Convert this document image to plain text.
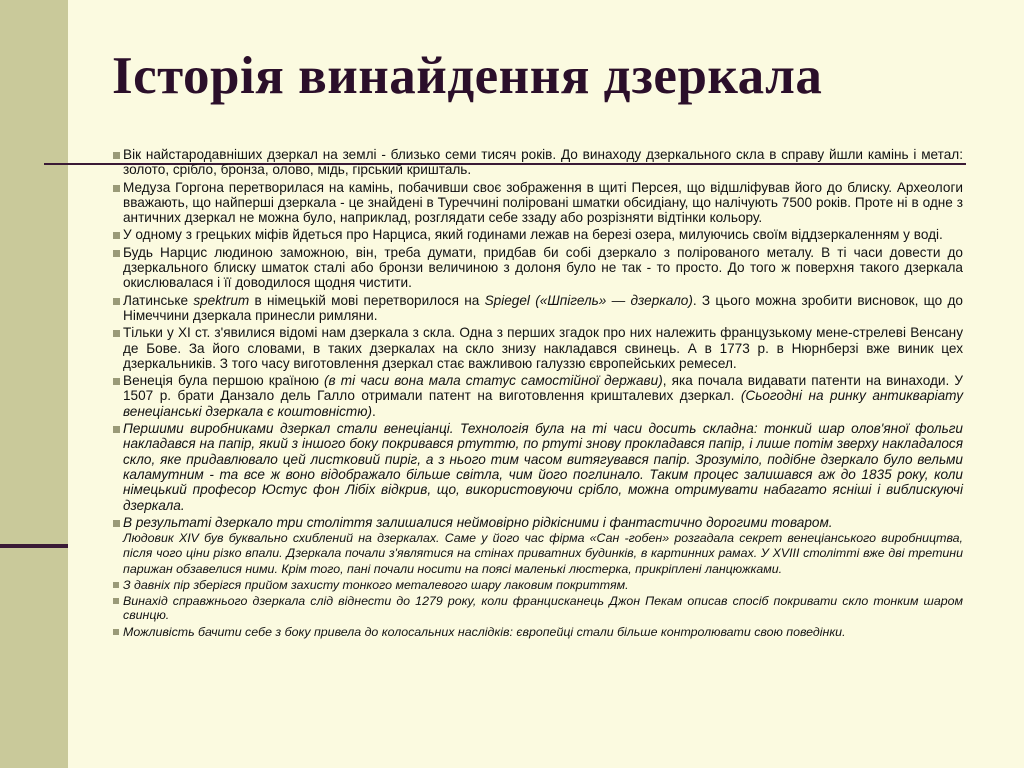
Історія винайдення дзеркала
Вік найстародавніших дзеркал на землі - близько семи тисяч років. До винаходу дзеркального скла в справу йшли камінь і метал: золото, срібло, бронза, олово, мідь, гірський кришталь.
Медуза Горгона перетворилася на камінь, побачивши своє зображення в щиті Персея, що відшліфував його до блиску. Археологи вважають, що найперші дзеркала - це знайдені в Туреччині поліровані шматки обсидіану, що налічують 7500 років. Проте ні в одне з античних дзеркал не можна було, наприклад, розглядати себе ззаду або розрізняти відтінки кольору.
У одному з грецьких міфів йдеться про Нарциса, який годинами лежав на березі озера, милуючись своїм віддзеркаленням у воді.
Будь Нарцис людиною заможною, він, треба думати, придбав би собі дзеркало з полірованого металу. В ті часи довести до дзеркального блиску шматок сталі або бронзи величиною з долоня було не так - то просто. До того ж поверхня такого дзеркала окислювалася і її доводилося щодня чистити.
Латинське spektrum в німецькій мові перетворилося на Spiegel («Шпігель» — дзеркало). З цього можна зробити висновок, що до Німеччини дзеркала принесли римляни.
Тільки у XI ст. з'явилися відомі нам дзеркала з скла. Одна з перших згадок про них належить французькому мене-стрелеві Венсану де Бове. За його словами, в таких дзеркалах на скло знизу накладався свинець. А в 1773 р. в Нюрнберзі вже виник цех дзеркальників. З того часу виготовлення дзеркал стає важливою галуззю європейських ремесел.
Венеція була першою країною (в ті часи вона мала статус самостійної держави), яка почала видавати патенти на винаходи. У 1507 р. брати Данзало дель Галло отримали патент на виготовлення кришталевих дзеркал. (Сьогодні на ринку антикваріату венеціанські дзеркала є коштовністю).
Першими виробниками дзеркал стали венеціанці. Технологія була на ті часи досить складна: тонкий шар олов'яної фольги накладався на папір, який з іншого боку покривався ртуттю, по ртуті знову прокладався папір, і лише потім зверху накладалося скло, яке придавлювало цей листковий пиріг, а з нього тим часом витягувався папір. Зрозуміло, подібне дзеркало було вельми каламутним - та все ж воно відображало більше світла, чим його поглинало. Таким процес залишався аж до 1835 року, коли німецький професор Юстус фон Лібіх відкрив, що, використовуючи срібло, можна отримувати набагато ясніші і виблискуючі дзеркала.
В результаті дзеркало три століття залишалися неймовірно рідкісними і фантастично дорогими товаром.
Людовик XIV був буквально схиблений на дзеркалах. Саме у його час фірма «Сан -гобен» розгадала секрет венеціанського виробництва, після чого ціни різко впали. Дзеркала почали з'являтися на стінах приватних будинків, в картинних рамах. У XVIII столітті вже дві третини парижан обзавелися ними. Крім того, пані почали носити на поясі маленькі люстерка, прикріплені ланцюжками.
З давніх пір зберігся прийом захисту тонкого металевого шару лаковим покриттям.
Винахід справжнього дзеркала слід віднести до 1279 року, коли францисканець Джон Пекам описав спосіб покривати скло тонким шаром свинцю.
Можливість бачити себе з боку привела до колосальних наслідків: європейці стали більше контролювати свою поведінки.
